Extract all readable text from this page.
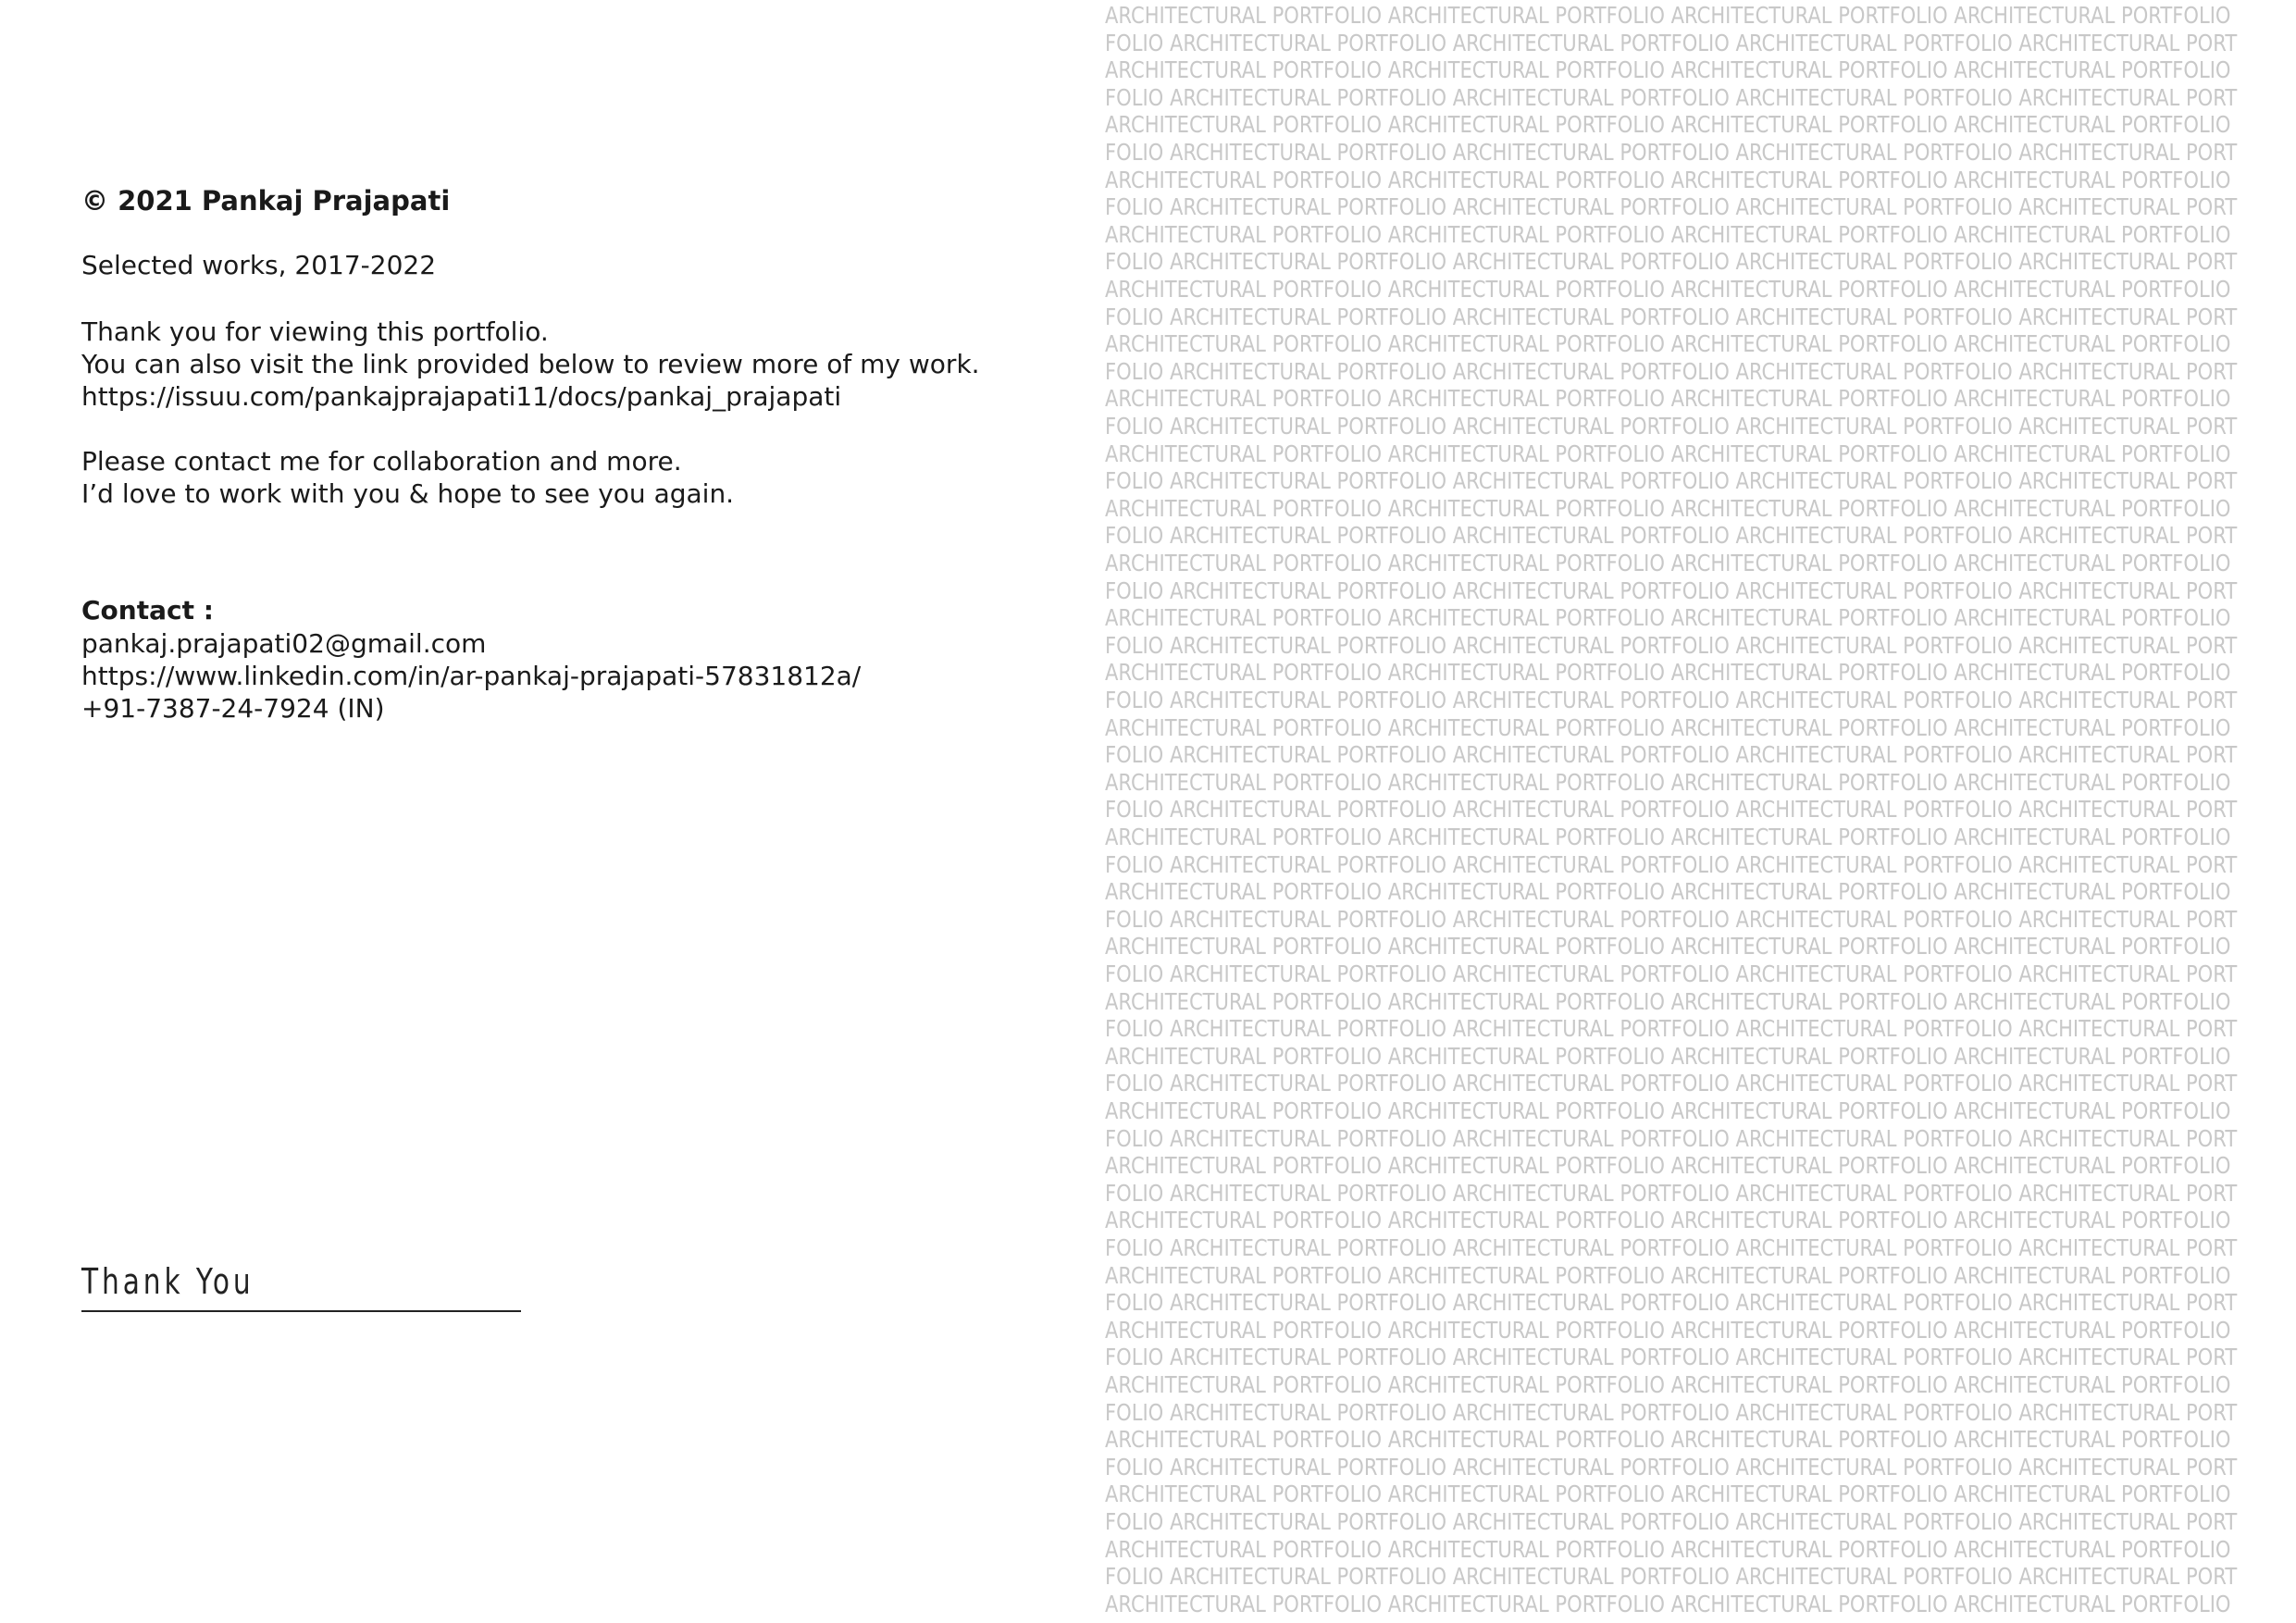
© 2021 Pankaj Prajapati
Selected works, 2017-2022
Thank you for viewing this portfolio.
You can also visit the link provided below to review more of my work.
https://issuu.com/pankajprajapati11/docs/pankaj_prajapati
Please contact me for collaboration and more.
I’d love to work with you & hope to see you again.
Contact :
pankaj.prajapati02@gmail.com
https://www.linkedin.com/in/ar-pankaj-prajapati-57831812a/
+91-7387-24-7924 (IN)
Thank You
ARCHITECTURAL PORTFOLIO ARCHITECTURAL PORTFOLIO ARCHITECTURAL PORTFOLIO ARCHITECTURAL PORTFOLIO
FOLIO ARCHITECTURAL PORTFOLIO ARCHITECTURAL PORTFOLIO ARCHITECTURAL PORTFOLIO ARCHITECTURAL PORT
ARCHITECTURAL PORTFOLIO ARCHITECTURAL PORTFOLIO ARCHITECTURAL PORTFOLIO ARCHITECTURAL PORTFOLIO
FOLIO ARCHITECTURAL PORTFOLIO ARCHITECTURAL PORTFOLIO ARCHITECTURAL PORTFOLIO ARCHITECTURAL PORT
ARCHITECTURAL PORTFOLIO ARCHITECTURAL PORTFOLIO ARCHITECTURAL PORTFOLIO ARCHITECTURAL PORTFOLIO
FOLIO ARCHITECTURAL PORTFOLIO ARCHITECTURAL PORTFOLIO ARCHITECTURAL PORTFOLIO ARCHITECTURAL PORT
ARCHITECTURAL PORTFOLIO ARCHITECTURAL PORTFOLIO ARCHITECTURAL PORTFOLIO ARCHITECTURAL PORTFOLIO
FOLIO ARCHITECTURAL PORTFOLIO ARCHITECTURAL PORTFOLIO ARCHITECTURAL PORTFOLIO ARCHITECTURAL PORT
ARCHITECTURAL PORTFOLIO ARCHITECTURAL PORTFOLIO ARCHITECTURAL PORTFOLIO ARCHITECTURAL PORTFOLIO
FOLIO ARCHITECTURAL PORTFOLIO ARCHITECTURAL PORTFOLIO ARCHITECTURAL PORTFOLIO ARCHITECTURAL PORT
ARCHITECTURAL PORTFOLIO ARCHITECTURAL PORTFOLIO ARCHITECTURAL PORTFOLIO ARCHITECTURAL PORTFOLIO
FOLIO ARCHITECTURAL PORTFOLIO ARCHITECTURAL PORTFOLIO ARCHITECTURAL PORTFOLIO ARCHITECTURAL PORT
ARCHITECTURAL PORTFOLIO ARCHITECTURAL PORTFOLIO ARCHITECTURAL PORTFOLIO ARCHITECTURAL PORTFOLIO
FOLIO ARCHITECTURAL PORTFOLIO ARCHITECTURAL PORTFOLIO ARCHITECTURAL PORTFOLIO ARCHITECTURAL PORT
ARCHITECTURAL PORTFOLIO ARCHITECTURAL PORTFOLIO ARCHITECTURAL PORTFOLIO ARCHITECTURAL PORTFOLIO
FOLIO ARCHITECTURAL PORTFOLIO ARCHITECTURAL PORTFOLIO ARCHITECTURAL PORTFOLIO ARCHITECTURAL PORT
ARCHITECTURAL PORTFOLIO ARCHITECTURAL PORTFOLIO ARCHITECTURAL PORTFOLIO ARCHITECTURAL PORTFOLIO
FOLIO ARCHITECTURAL PORTFOLIO ARCHITECTURAL PORTFOLIO ARCHITECTURAL PORTFOLIO ARCHITECTURAL PORT
ARCHITECTURAL PORTFOLIO ARCHITECTURAL PORTFOLIO ARCHITECTURAL PORTFOLIO ARCHITECTURAL PORTFOLIO
FOLIO ARCHITECTURAL PORTFOLIO ARCHITECTURAL PORTFOLIO ARCHITECTURAL PORTFOLIO ARCHITECTURAL PORT
ARCHITECTURAL PORTFOLIO ARCHITECTURAL PORTFOLIO ARCHITECTURAL PORTFOLIO ARCHITECTURAL PORTFOLIO
FOLIO ARCHITECTURAL PORTFOLIO ARCHITECTURAL PORTFOLIO ARCHITECTURAL PORTFOLIO ARCHITECTURAL PORT
ARCHITECTURAL PORTFOLIO ARCHITECTURAL PORTFOLIO ARCHITECTURAL PORTFOLIO ARCHITECTURAL PORTFOLIO
FOLIO ARCHITECTURAL PORTFOLIO ARCHITECTURAL PORTFOLIO ARCHITECTURAL PORTFOLIO ARCHITECTURAL PORT
ARCHITECTURAL PORTFOLIO ARCHITECTURAL PORTFOLIO ARCHITECTURAL PORTFOLIO ARCHITECTURAL PORTFOLIO
FOLIO ARCHITECTURAL PORTFOLIO ARCHITECTURAL PORTFOLIO ARCHITECTURAL PORTFOLIO ARCHITECTURAL PORT
ARCHITECTURAL PORTFOLIO ARCHITECTURAL PORTFOLIO ARCHITECTURAL PORTFOLIO ARCHITECTURAL PORTFOLIO
FOLIO ARCHITECTURAL PORTFOLIO ARCHITECTURAL PORTFOLIO ARCHITECTURAL PORTFOLIO ARCHITECTURAL PORT
ARCHITECTURAL PORTFOLIO ARCHITECTURAL PORTFOLIO ARCHITECTURAL PORTFOLIO ARCHITECTURAL PORTFOLIO
FOLIO ARCHITECTURAL PORTFOLIO ARCHITECTURAL PORTFOLIO ARCHITECTURAL PORTFOLIO ARCHITECTURAL PORT
ARCHITECTURAL PORTFOLIO ARCHITECTURAL PORTFOLIO ARCHITECTURAL PORTFOLIO ARCHITECTURAL PORTFOLIO
FOLIO ARCHITECTURAL PORTFOLIO ARCHITECTURAL PORTFOLIO ARCHITECTURAL PORTFOLIO ARCHITECTURAL PORT
ARCHITECTURAL PORTFOLIO ARCHITECTURAL PORTFOLIO ARCHITECTURAL PORTFOLIO ARCHITECTURAL PORTFOLIO
FOLIO ARCHITECTURAL PORTFOLIO ARCHITECTURAL PORTFOLIO ARCHITECTURAL PORTFOLIO ARCHITECTURAL PORT
ARCHITECTURAL PORTFOLIO ARCHITECTURAL PORTFOLIO ARCHITECTURAL PORTFOLIO ARCHITECTURAL PORTFOLIO
FOLIO ARCHITECTURAL PORTFOLIO ARCHITECTURAL PORTFOLIO ARCHITECTURAL PORTFOLIO ARCHITECTURAL PORT
ARCHITECTURAL PORTFOLIO ARCHITECTURAL PORTFOLIO ARCHITECTURAL PORTFOLIO ARCHITECTURAL PORTFOLIO
FOLIO ARCHITECTURAL PORTFOLIO ARCHITECTURAL PORTFOLIO ARCHITECTURAL PORTFOLIO ARCHITECTURAL PORT
ARCHITECTURAL PORTFOLIO ARCHITECTURAL PORTFOLIO ARCHITECTURAL PORTFOLIO ARCHITECTURAL PORTFOLIO
FOLIO ARCHITECTURAL PORTFOLIO ARCHITECTURAL PORTFOLIO ARCHITECTURAL PORTFOLIO ARCHITECTURAL PORT
ARCHITECTURAL PORTFOLIO ARCHITECTURAL PORTFOLIO ARCHITECTURAL PORTFOLIO ARCHITECTURAL PORTFOLIO
FOLIO ARCHITECTURAL PORTFOLIO ARCHITECTURAL PORTFOLIO ARCHITECTURAL PORTFOLIO ARCHITECTURAL PORT
ARCHITECTURAL PORTFOLIO ARCHITECTURAL PORTFOLIO ARCHITECTURAL PORTFOLIO ARCHITECTURAL PORTFOLIO
FOLIO ARCHITECTURAL PORTFOLIO ARCHITECTURAL PORTFOLIO ARCHITECTURAL PORTFOLIO ARCHITECTURAL PORT
ARCHITECTURAL PORTFOLIO ARCHITECTURAL PORTFOLIO ARCHITECTURAL PORTFOLIO ARCHITECTURAL PORTFOLIO
FOLIO ARCHITECTURAL PORTFOLIO ARCHITECTURAL PORTFOLIO ARCHITECTURAL PORTFOLIO ARCHITECTURAL PORT
ARCHITECTURAL PORTFOLIO ARCHITECTURAL PORTFOLIO ARCHITECTURAL PORTFOLIO ARCHITECTURAL PORTFOLIO
FOLIO ARCHITECTURAL PORTFOLIO ARCHITECTURAL PORTFOLIO ARCHITECTURAL PORTFOLIO ARCHITECTURAL PORT
ARCHITECTURAL PORTFOLIO ARCHITECTURAL PORTFOLIO ARCHITECTURAL PORTFOLIO ARCHITECTURAL PORTFOLIO
FOLIO ARCHITECTURAL PORTFOLIO ARCHITECTURAL PORTFOLIO ARCHITECTURAL PORTFOLIO ARCHITECTURAL PORT
ARCHITECTURAL PORTFOLIO ARCHITECTURAL PORTFOLIO ARCHITECTURAL PORTFOLIO ARCHITECTURAL PORTFOLIO
FOLIO ARCHITECTURAL PORTFOLIO ARCHITECTURAL PORTFOLIO ARCHITECTURAL PORTFOLIO ARCHITECTURAL PORT
ARCHITECTURAL PORTFOLIO ARCHITECTURAL PORTFOLIO ARCHITECTURAL PORTFOLIO ARCHITECTURAL PORTFOLIO
FOLIO ARCHITECTURAL PORTFOLIO ARCHITECTURAL PORTFOLIO ARCHITECTURAL PORTFOLIO ARCHITECTURAL PORT
ARCHITECTURAL PORTFOLIO ARCHITECTURAL PORTFOLIO ARCHITECTURAL PORTFOLIO ARCHITECTURAL PORTFOLIO
FOLIO ARCHITECTURAL PORTFOLIO ARCHITECTURAL PORTFOLIO ARCHITECTURAL PORTFOLIO ARCHITECTURAL PORT
ARCHITECTURAL PORTFOLIO ARCHITECTURAL PORTFOLIO ARCHITECTURAL PORTFOLIO ARCHITECTURAL PORTFOLIO
FOLIO ARCHITECTURAL PORTFOLIO ARCHITECTURAL PORTFOLIO ARCHITECTURAL PORTFOLIO ARCHITECTURAL PORT
ARCHITECTURAL PORTFOLIO ARCHITECTURAL PORTFOLIO ARCHITECTURAL PORTFOLIO ARCHITECTURAL PORTFOLIO
